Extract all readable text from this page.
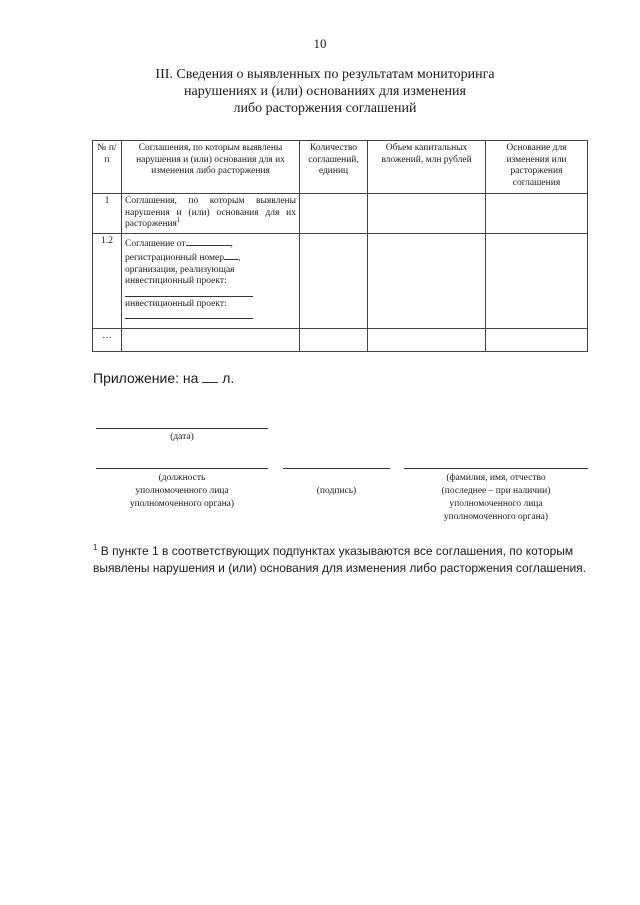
10
III. Сведения о выявленных по результатам мониторинга
нарушениях и (или) основаниях для изменения
либо расторжения соглашений
№ п/п	Соглашения, по которым выявлены нарушения и (или) основания для их изменения либо расторжения	Количество соглашений, единиц	Объем капитальных вложений, млн рублей	Основание для изменения или расторжения соглашения
1	Соглашения, по которым выявлены нарушения и (или) основания для их расторжения$^1$			
1.2	Соглашение от ,
регистрационный номер ,
организация, реализующая инвестиционный проект:
инвестиционный проект:			

…				
Приложение: на л.
(дата)
(должность
уполномоченного лица
уполномоченного органа)
(подпись)
(фамилия, имя, отчество
(последнее – при наличии)
уполномоченного лица
уполномоченного органа)
$^1$ В пункте 1 в соответствующих подпунктах указываются все соглашения, по которым выявлены нарушения и (или) основания для изменения либо расторжения соглашения.
